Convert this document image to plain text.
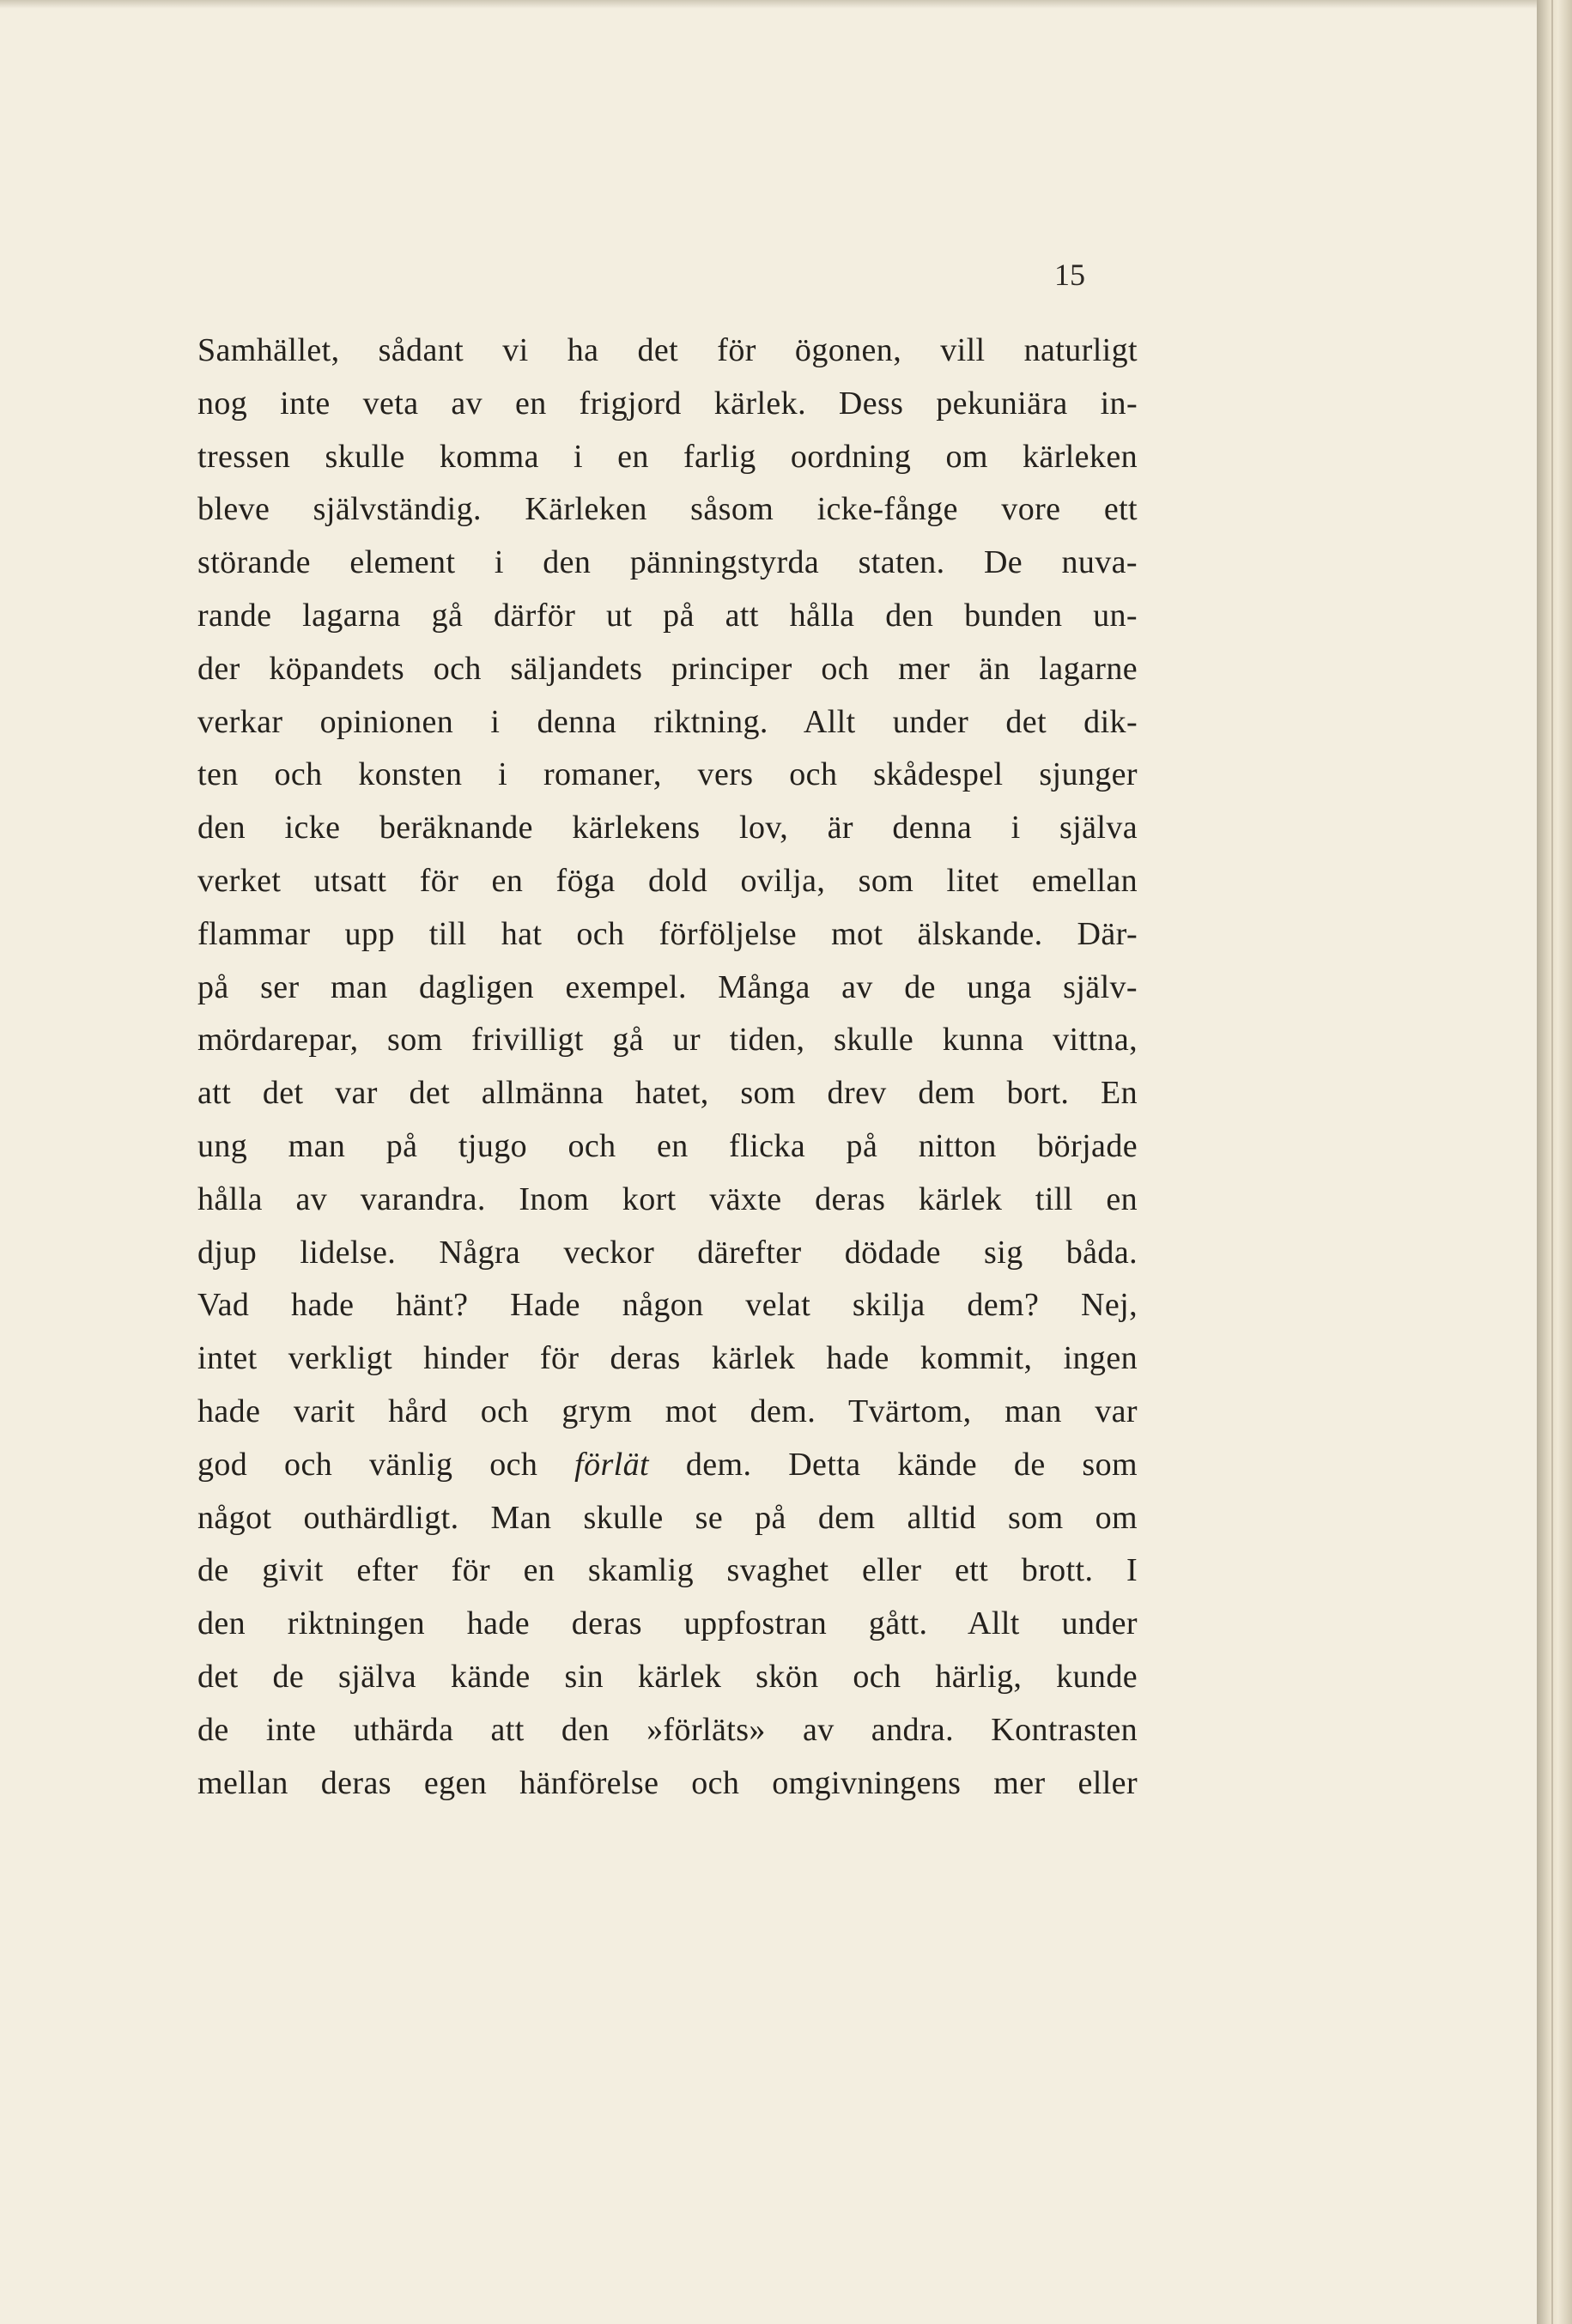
15
Samhället, sådant vi ha det för ögonen, vill naturligt
nog inte veta av en frigjord kärlek. Dess pekuniära in-
tressen skulle komma i en farlig oordning om kärleken
bleve självständig. Kärleken såsom icke-fånge vore ett
störande element i den pänningstyrda staten. De nuva-
rande lagarna gå därför ut på att hålla den bunden un-
der köpandets och säljandets principer och mer än lagarne
verkar opinionen i denna riktning. Allt under det dik-
ten och konsten i romaner, vers och skådespel sjunger
den icke beräknande kärlekens lov, är denna i själva
verket utsatt för en föga dold ovilja, som litet emellan
flammar upp till hat och förföljelse mot älskande. Där-
på ser man dagligen exempel. Många av de unga själv-
mördarepar, som frivilligt gå ur tiden, skulle kunna vittna,
att det var det allmänna hatet, som drev dem bort. En
ung man på tjugo och en flicka på nitton började
hålla av varandra. Inom kort växte deras kärlek till en
djup lidelse. Några veckor därefter dödade sig båda.
Vad hade hänt? Hade någon velat skilja dem? Nej,
intet verkligt hinder för deras kärlek hade kommit, ingen
hade varit hård och grym mot dem. Tvärtom, man var
god och vänlig och förlät dem. Detta kände de som
något outhärdligt. Man skulle se på dem alltid som om
de givit efter för en skamlig svaghet eller ett brott. I
den riktningen hade deras uppfostran gått. Allt under
det de själva kände sin kärlek skön och härlig, kunde
de inte uthärda att den »förläts» av andra. Kontrasten
mellan deras egen hänförelse och omgivningens mer eller
